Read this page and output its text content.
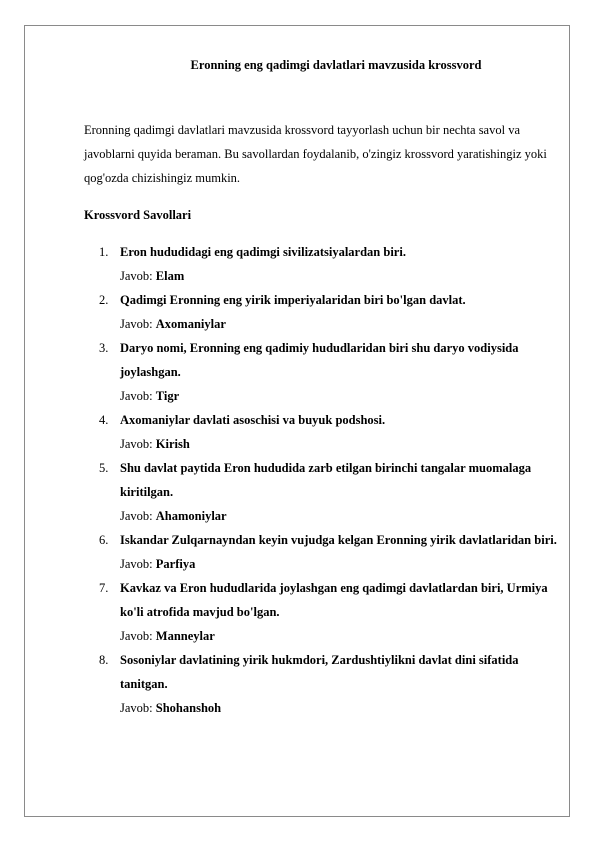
Eronning eng qadimgi davlatlari mavzusida krossvord

Eronning qadimgi davlatlari mavzusida krossvord tayyorlash uchun bir nechta savol va javoblarni quyida beraman. Bu savollardan foydalanib, o'zingiz krossvord yaratishingiz yoki qog'ozda chizishingiz mumkin.

Krossvord Savollari
1. Eron hududidagi eng qadimgi sivilizatsiyalardan biri.
Javob: Elam
2. Qadimgi Eronning eng yirik imperiyalaridan biri bo'lgan davlat.
Javob: Axomaniylar
3. Daryo nomi, Eronning eng qadimiy hududlaridan biri shu daryo vodiysida joylashgan.
Javob: Tigr
4. Axomaniylar davlati asoschisi va buyuk podshosi.
Javob: Kirish
5. Shu davlat paytida Eron hududida zarb etilgan birinchi tangalar muomalaga kiritilgan.
Javob: Ahamoniylar
6. Iskandar Zulqarnayndan keyin vujudga kelgan Eronning yirik davlatlaridan biri.
Javob: Parfiya
7. Kavkaz va Eron hududlarida joylashgan eng qadimgi davlatlardan biri, Urmiya ko'li atrofida mavjud bo'lgan.
Javob: Manneylar
8. Sosoniylar davlatining yirik hukmdori, Zardushtiylikni davlat dini sifatida tanitgan.
Javob: Shohanshoh
